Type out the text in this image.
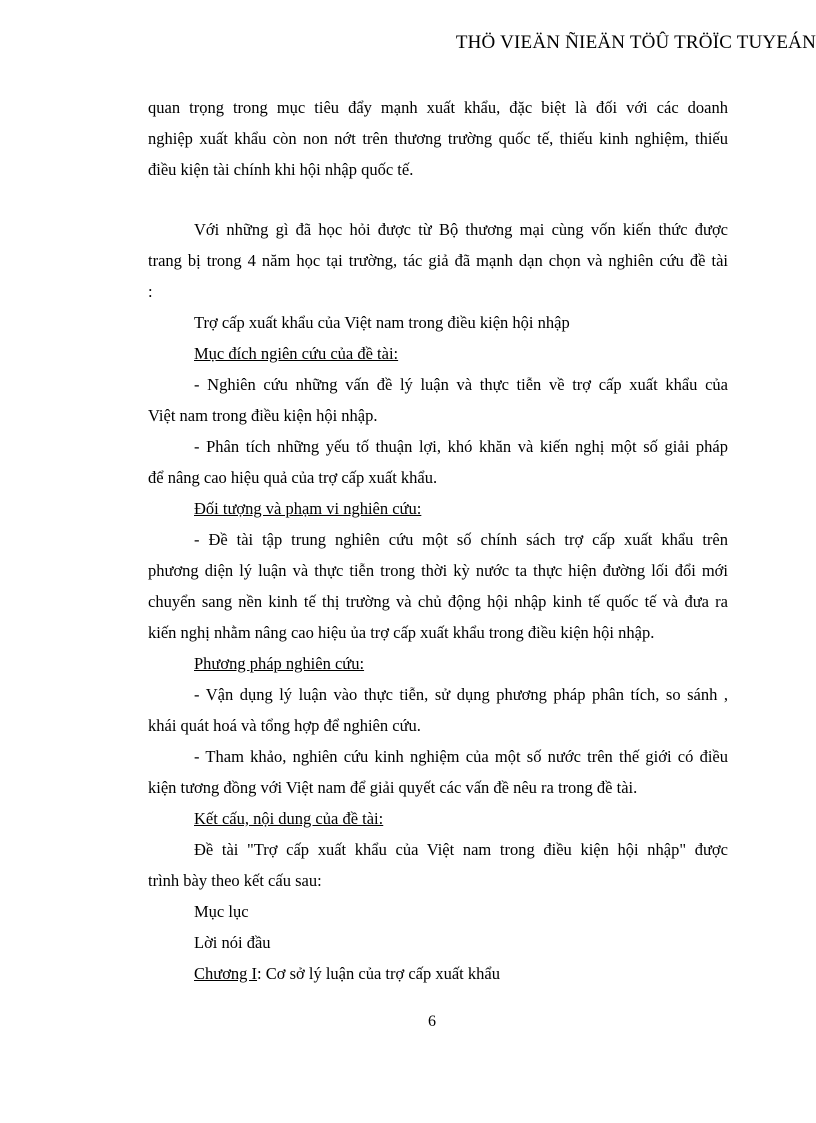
THÖ VIEÄN ÑIEÄN TÖÛ TRÖÏC TUYEÁN

quan trọng trong mục tiêu đẩy mạnh xuất khẩu, đặc biệt là đối với các doanh

nghiệp xuất khẩu còn non nớt trên thương trường quốc tế, thiếu kinh nghiệm, thiếu

điều kiện tài chính khi hội nhập quốc tế.

Với những gì đã học hỏi được từ Bộ thương mại cùng vốn kiến thức được

trang bị trong 4 năm học tại trường, tác giả đã mạnh dạn chọn và nghiên cứu đề tài

:

Trợ cấp xuất khẩu của Việt nam trong điều kiện hội nhập

Mục đích ngiên cứu của đề tài:

- Nghiên cứu những vấn đề lý luận và thực tiễn về trợ cấp xuất khẩu của

Việt nam trong điều kiện hội nhập.

- Phân tích những yếu tố thuận lợi, khó khăn và kiến nghị một số giải pháp

để nâng cao hiệu quả của trợ cấp xuất khẩu.

Đối tượng và phạm vi nghiên cứu:

- Đề tài tập trung nghiên cứu một số chính sách trợ cấp xuất khẩu trên

phương diện lý luận và thực tiễn trong thời kỳ nước ta thực hiện đường lối đổi mới

chuyển sang nền kinh tế thị trường và chủ động hội nhập kinh tế quốc tế và đưa ra

kiến nghị nhằm nâng cao hiệu ủa trợ cấp xuất khẩu trong điều kiện hội nhập.

Phương pháp nghiên cứu:

- Vận dụng lý luận vào thực tiễn, sử dụng phương pháp phân tích, so sánh ,

khái quát hoá và tổng hợp để nghiên cứu.

- Tham khảo, nghiên cứu kinh nghiệm của một số nước trên thế giới có điều

kiện tương đồng với Việt nam để giải quyết các vấn đề nêu ra trong đề tài.

Kết cấu, nội dung của đề tài:

Đề tài "Trợ cấp xuất khẩu của Việt nam trong điều kiện hội nhập" được

trình bày theo kết cấu sau:

Mục lục

Lời nói đầu

Chương I: Cơ sở lý luận của trợ cấp xuất khẩu

6
